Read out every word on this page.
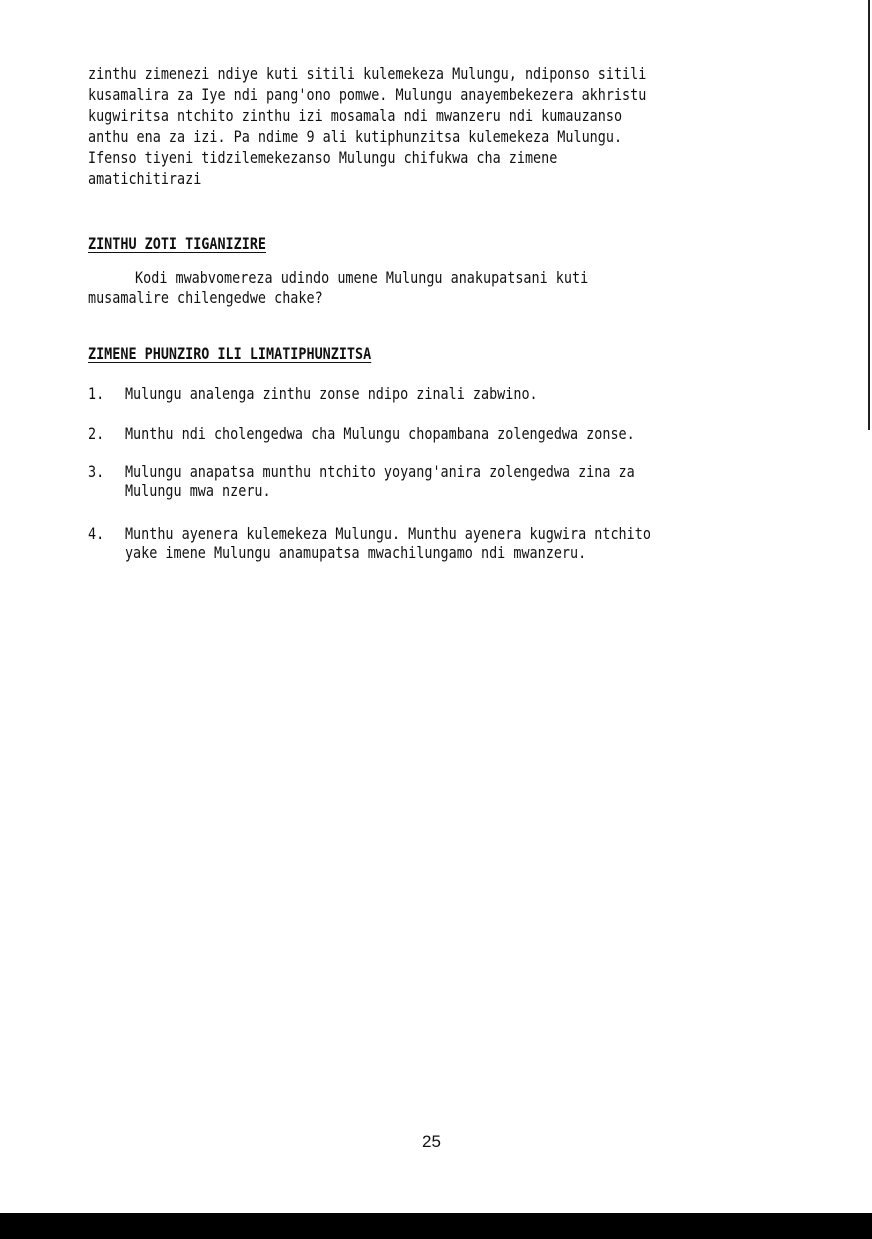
zinthu zimenezi ndiye kuti sitili kulemekeza Mulungu, ndiponso sitili
kusamalira za Iye ndi pang'ono pomwe. Mulungu anayembekezera akhristu
kugwiritsa ntchito zinthu izi mosamala ndi mwanzeru ndi kumauzanso
anthu ena za izi. Pa ndime 9 ali kutiphunzitsa kulemekeza Mulungu.
Ifenso tiyeni tidzilemekezanso Mulungu chifukwa cha zimene
amatichitirazi
ZINTHU ZOTI TIGANIZIRE
Kodi mwabvomereza udindo umene Mulungu anakupatsani kuti
musamalire chilengedwe chake?
ZIMENE PHUNZIRO ILI LIMATIPHUNZITSA
1.	Mulungu analenga zinthu zonse ndipo zinali zabwino.
2.	Munthu ndi cholengedwa cha Mulungu chopambana zolengedwa zonse.
3.	Mulungu anapatsa munthu ntchito yoyang'anira zolengedwa zina za
Mulungu mwa nzeru.
4.	Munthu ayenera kulemekeza Mulungu. Munthu ayenera kugwira ntchito
yake imene Mulungu anamupatsa mwachilungamo ndi mwanzeru.

25
